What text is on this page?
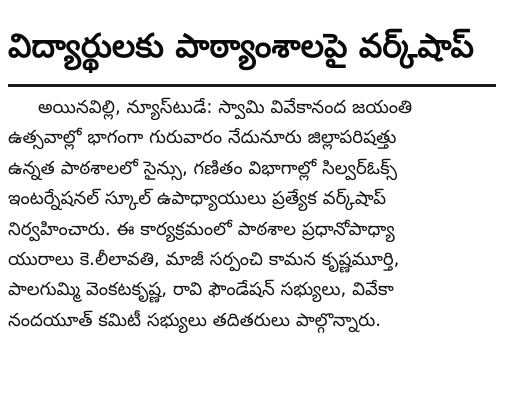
విద్యార్థులకు పాఠ్యాంశాలపై వర్క్‌షాప్
అయినవిల్లి, న్యూస్‌టుడే: స్వామి వివేకానంద జయంతి
ఉత్సవాల్లో భాగంగా గురువారం నేదునూరు జిల్లాపరిషత్తు
ఉన్నత పాఠశాలలో సైన్సు, గణితం విభాగాల్లో సిల్వర్‌ఓక్స్
ఇంటర్నేషనల్ స్కూల్ ఉపాధ్యాయులు ప్రత్యేక వర్క్‌షాప్
నిర్వహించారు. ఈ కార్యక్రమంలో పాఠశాల ప్రధానోపాధ్యా
యురాలు కె.లీలావతి, మాజీ సర్పంచి కామన కృష్ణమూర్తి,
పాలగుమ్మి వెంకటకృష్ణ, రావి ఫౌండేషన్ సభ్యులు, వివేకా
నందయూత్ కమిటీ సభ్యులు తదితరులు పాల్గొన్నారు.
